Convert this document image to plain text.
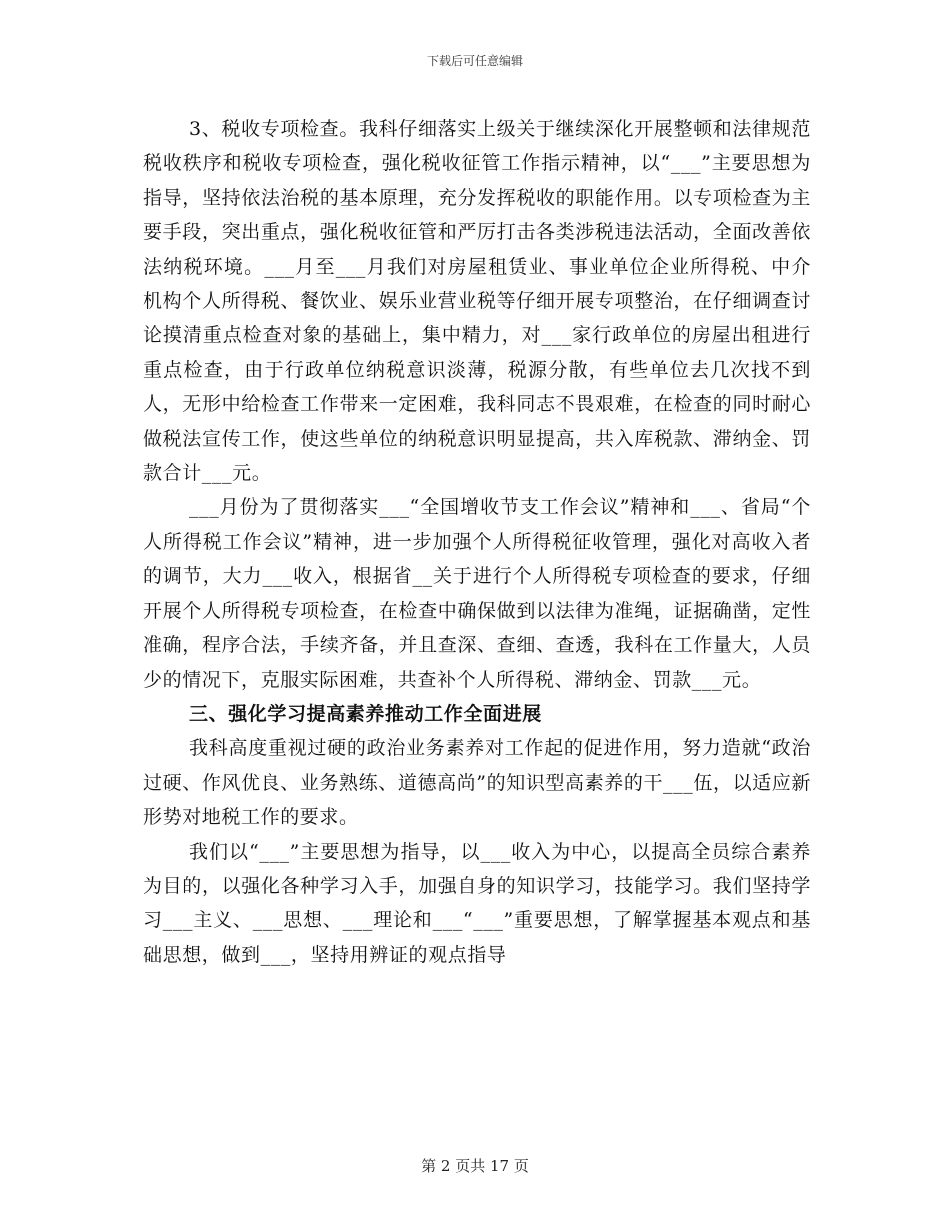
下载后可任意编辑

3、税收专项检查。我科仔细落实上级关于继续深化开展整顿和法律规范税收秩序和税收专项检查，强化税收征管工作指示精神，以“___”主要思想为指导，坚持依法治税的基本原理，充分发挥税收的职能作用。以专项检查为主要手段，突出重点，强化税收征管和严厉打击各类涉税违法活动，全面改善依法纳税环境。___月至___月我们对房屋租赁业、事业单位企业所得税、中介机构个人所得税、餐饮业、娱乐业营业税等仔细开展专项整治，在仔细调查讨论摸清重点检查对象的基础上，集中精力，对___家行政单位的房屋出租进行重点检查，由于行政单位纳税意识淡薄，税源分散，有些单位去几次找不到人，无形中给检查工作带来一定困难，我科同志不畏艰难，在检查的同时耐心做税法宣传工作，使这些单位的纳税意识明显提高，共入库税款、滞纳金、罚款合计___元。

___月份为了贯彻落实___“全国增收节支工作会议”精神和___、省局“个人所得税工作会议”精神，进一步加强个人所得税征收管理，强化对高收入者的调节，大力___收入，根据省__关于进行个人所得税专项检查的要求，仔细开展个人所得税专项检查，在检查中确保做到以法律为准绳，证据确凿，定性准确，程序合法，手续齐备，并且查深、查细、查透，我科在工作量大，人员少的情况下，克服实际困难，共查补个人所得税、滞纳金、罚款___元。

三、强化学习提高素养推动工作全面进展

我科高度重视过硬的政治业务素养对工作起的促进作用，努力造就“政治过硬、作风优良、业务熟练、道德高尚”的知识型高素养的干___伍，以适应新形势对地税工作的要求。

我们以“___”主要思想为指导，以___收入为中心，以提高全员综合素养为目的，以强化各种学习入手，加强自身的知识学习，技能学习。我们坚持学习___主义、___思想、___理论和___“___”重要思想，了解掌握基本观点和基础思想，做到___，坚持用辨证的观点指导

第 2 页共 17 页
